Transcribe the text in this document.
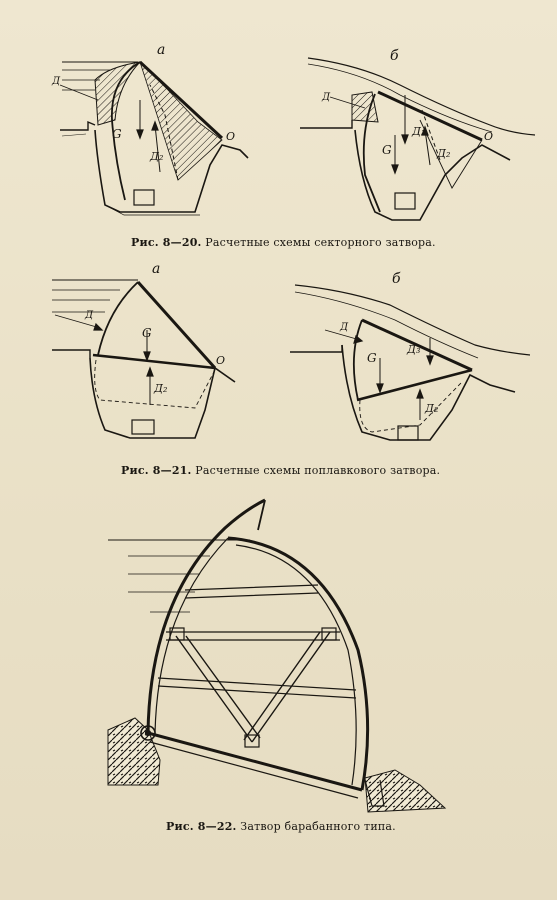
а
Д
G
Д₂
О
б
Д
G
Д₃
Д₂
О
а
Д
G
Д₂
О
б
Д
G
Д₃
Д₂
Рис. 8—20. Расчетные схемы секторного затвора.
Рис. 8—21. Расчетные схемы поплавкового затвора.
Рис. 8—22. Затвор барабанного типа.
